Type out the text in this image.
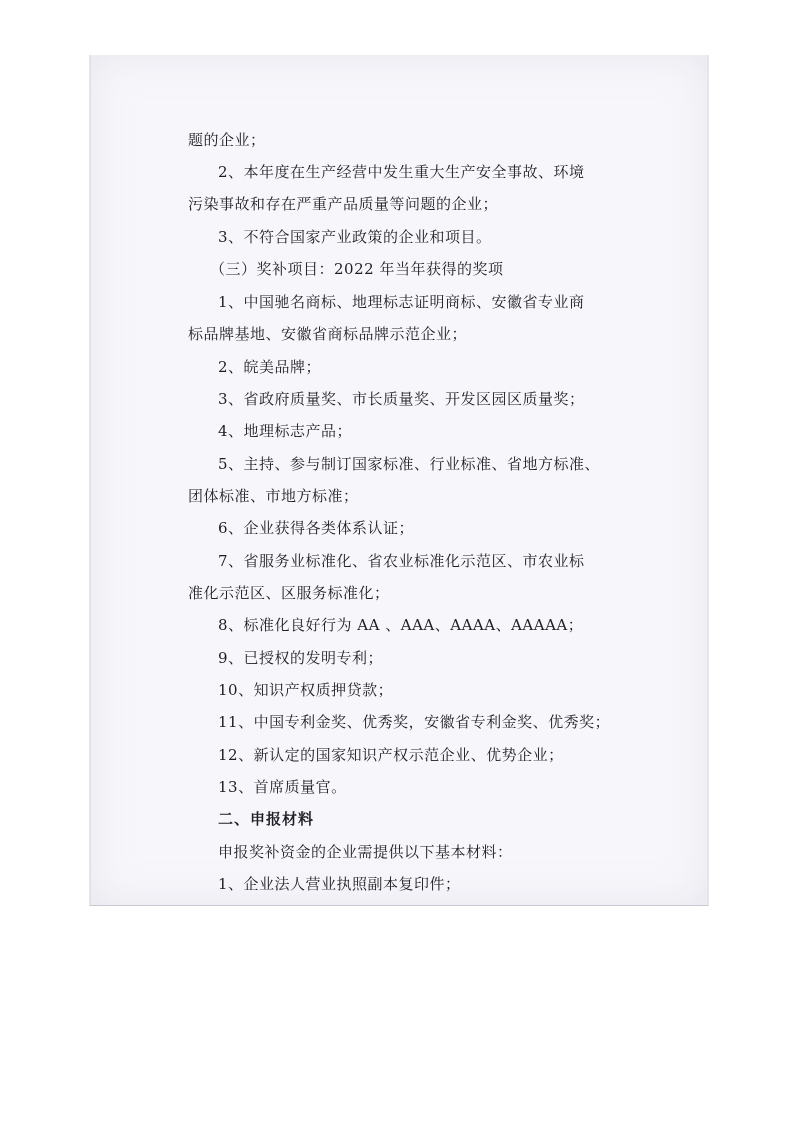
题的企业；
2、本年度在生产经营中发生重大生产安全事故、环境
污染事故和存在严重产品质量等问题的企业；
3、不符合国家产业政策的企业和项目。
（三）奖补项目：2022 年当年获得的奖项
1、中国驰名商标、地理标志证明商标、安徽省专业商
标品牌基地、安徽省商标品牌示范企业；
2、皖美品牌；
3、省政府质量奖、市长质量奖、开发区园区质量奖；
4、地理标志产品；
5、主持、参与制订国家标准、行业标准、省地方标准、
团体标准、市地方标准；
6、企业获得各类体系认证；
7、省服务业标准化、省农业标准化示范区、市农业标
准化示范区、区服务标准化；
8、标准化良好行为 AA 、AAA、AAAA、AAAAA；
9、已授权的发明专利；
10、知识产权质押贷款；
11、中国专利金奖、优秀奖，安徽省专利金奖、优秀奖；
12、新认定的国家知识产权示范企业、优势企业；
13、首席质量官。
二、申报材料
申报奖补资金的企业需提供以下基本材料：
1、企业法人营业执照副本复印件；
